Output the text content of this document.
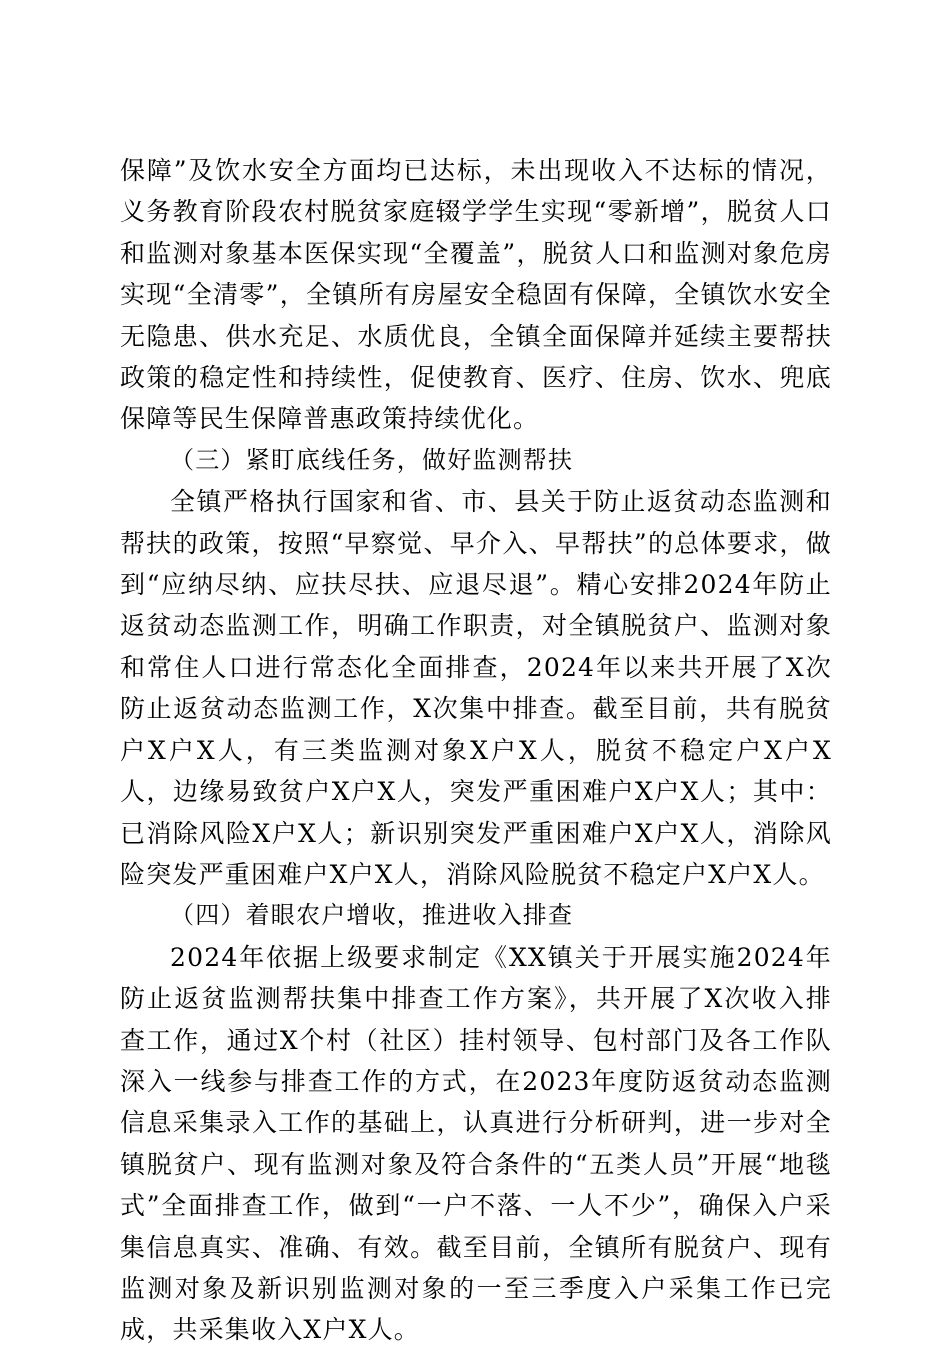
保障”及饮水安全方面均已达标，未出现收入不达标的情况，义务教育阶段农村脱贫家庭辍学学生实现“零新增”，脱贫人口和监测对象基本医保实现“全覆盖”，脱贫人口和监测对象危房实现“全清零”，全镇所有房屋安全稳固有保障，全镇饮水安全无隐患、供水充足、水质优良，全镇全面保障并延续主要帮扶政策的稳定性和持续性，促使教育、医疗、住房、饮水、兜底保障等民生保障普惠政策持续优化。

（三）紧盯底线任务，做好监测帮扶

全镇严格执行国家和省、市、县关于防止返贫动态监测和帮扶的政策，按照“早察觉、早介入、早帮扶”的总体要求，做到“应纳尽纳、应扶尽扶、应退尽退”。精心安排2024年防止返贫动态监测工作，明确工作职责，对全镇脱贫户、监测对象和常住人口进行常态化全面排查，2024年以来共开展了X次防止返贫动态监测工作，X次集中排查。截至目前，共有脱贫户X户X人，有三类监测对象X户X人，脱贫不稳定户X户X人，边缘易致贫户X户X人，突发严重困难户X户X人；其中：已消除风险X户X人；新识别突发严重困难户X户X人，消除风险突发严重困难户X户X人，消除风险脱贫不稳定户X户X人。

（四）着眼农户增收，推进收入排查

2024年依据上级要求制定《XX镇关于开展实施2024年防止返贫监测帮扶集中排查工作方案》，共开展了X次收入排查工作，通过X个村（社区）挂村领导、包村部门及各工作队深入一线参与排查工作的方式，在2023年度防返贫动态监测信息采集录入工作的基础上，认真进行分析研判，进一步对全镇脱贫户、现有监测对象及符合条件的“五类人员”开展“地毯式”全面排查工作，做到“一户不落、一人不少”，确保入户采集信息真实、准确、有效。截至目前，全镇所有脱贫户、现有监测对象及新识别监测对象的一至三季度入户采集工作已完成，共采集收入X户X人。
